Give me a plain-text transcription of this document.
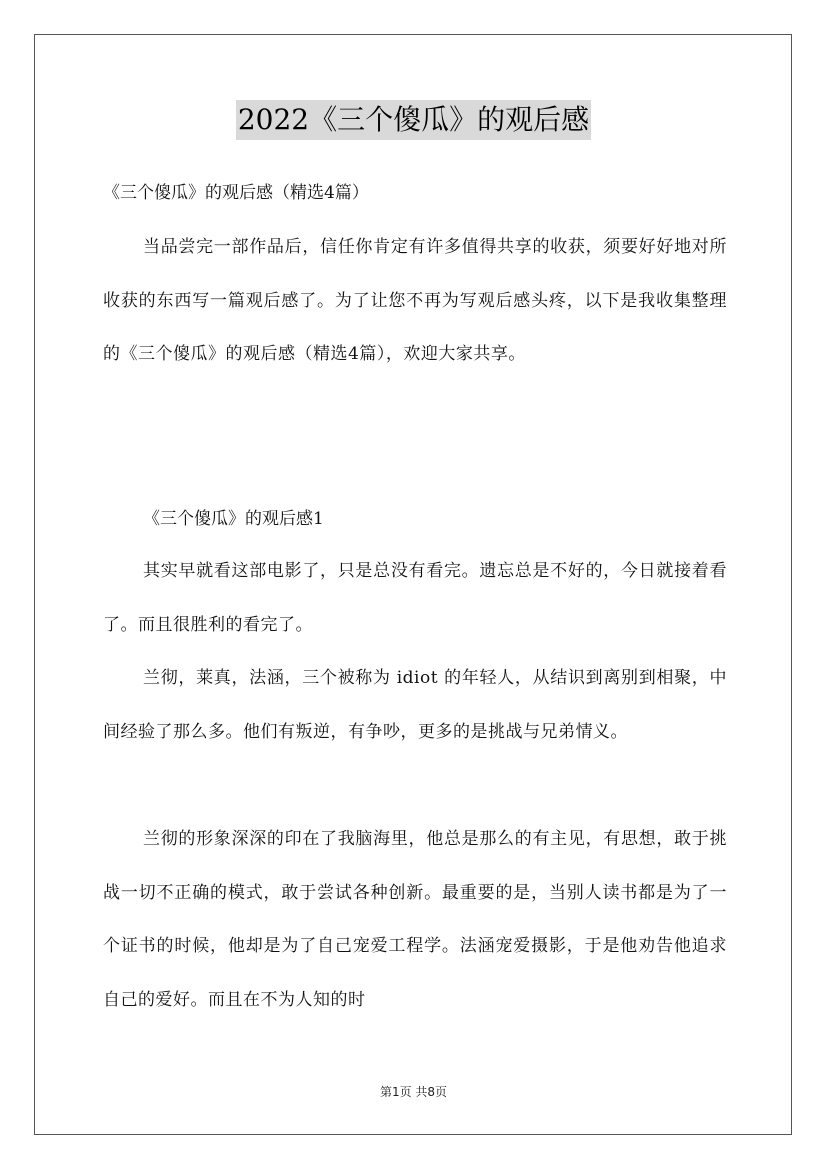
2022《三个傻瓜》的观后感
《三个傻瓜》的观后感（精选4篇）

当品尝完一部作品后，信任你肯定有许多值得共享的收获，须要好好地对所收获的东西写一篇观后感了。为了让您不再为写观后感头疼，以下是我收集整理的《三个傻瓜》的观后感（精选4篇），欢迎大家共享。

《三个傻瓜》的观后感1

其实早就看这部电影了，只是总没有看完。遗忘总是不好的，今日就接着看了。而且很胜利的看完了。

兰彻，莱真，法涵，三个被称为 idiot 的年轻人，从结识到离别到相聚，中间经验了那么多。他们有叛逆，有争吵，更多的是挑战与兄弟情义。

兰彻的形象深深的印在了我脑海里，他总是那么的有主见，有思想，敢于挑战一切不正确的模式，敢于尝试各种创新。最重要的是，当别人读书都是为了一个证书的时候，他却是为了自己宠爱工程学。法涵宠爱摄影，于是他劝告他追求自己的爱好。而且在不为人知的时

第1页 共8页
